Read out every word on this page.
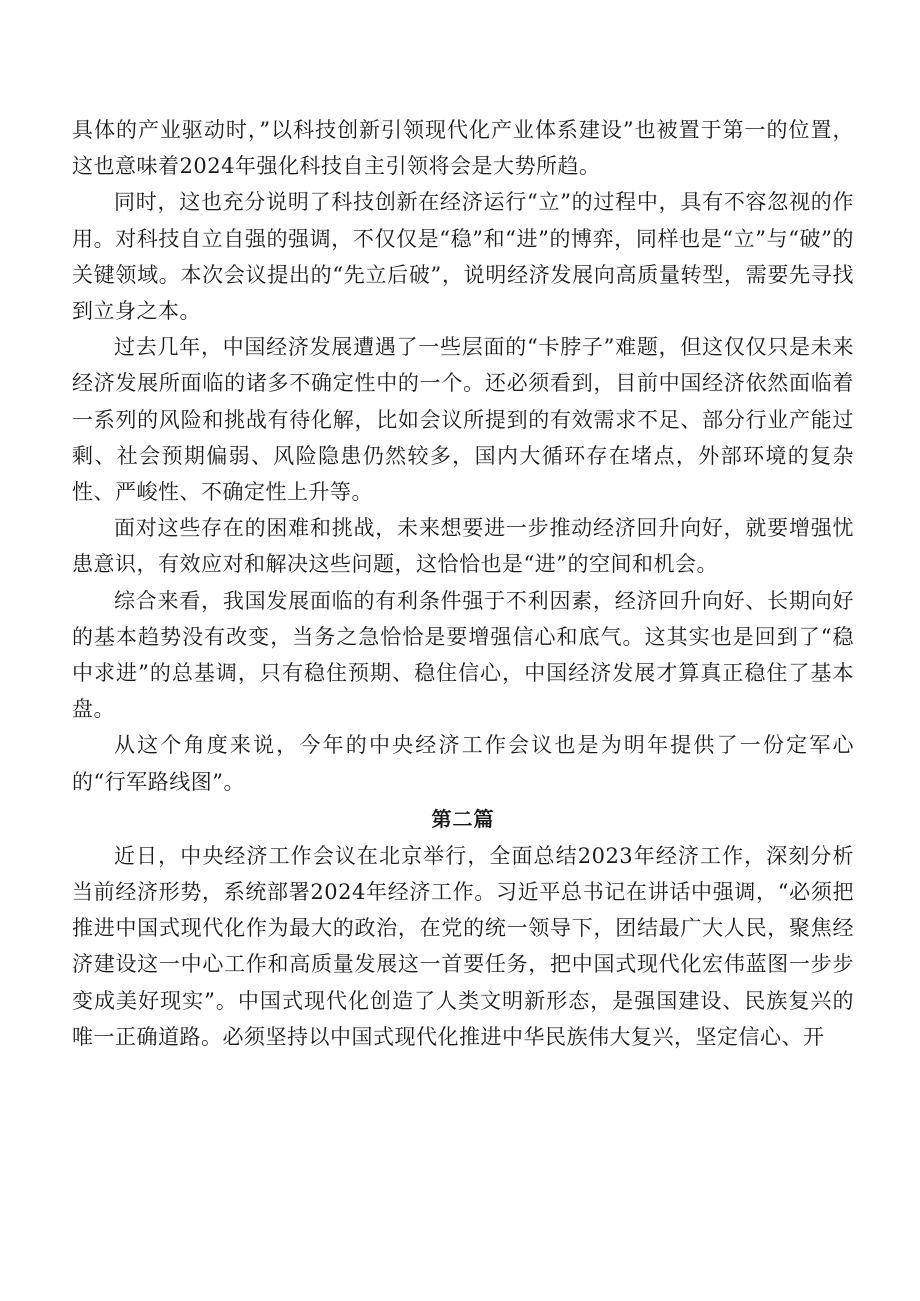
具体的产业驱动时，”以科技创新引领现代化产业体系建设”也被置于第一的位置，这也意味着2024年强化科技自主引领将会是大势所趋。

同时，这也充分说明了科技创新在经济运行“立”的过程中，具有不容忽视的作用。对科技自立自强的强调，不仅仅是“稳”和“进”的博弈，同样也是“立”与“破”的关键领域。本次会议提出的“先立后破”，说明经济发展向高质量转型，需要先寻找到立身之本。

过去几年，中国经济发展遭遇了一些层面的“卡脖子”难题，但这仅仅只是未来经济发展所面临的诸多不确定性中的一个。还必须看到，目前中国经济依然面临着一系列的风险和挑战有待化解，比如会议所提到的有效需求不足、部分行业产能过剩、社会预期偏弱、风险隐患仍然较多，国内大循环存在堵点，外部环境的复杂性、严峻性、不确定性上升等。

面对这些存在的困难和挑战，未来想要进一步推动经济回升向好，就要增强忧患意识，有效应对和解决这些问题，这恰恰也是“进”的空间和机会。

综合来看，我国发展面临的有利条件强于不利因素，经济回升向好、长期向好的基本趋势没有改变，当务之急恰恰是要增强信心和底气。这其实也是回到了“稳中求进”的总基调，只有稳住预期、稳住信心，中国经济发展才算真正稳住了基本盘。

从这个角度来说，今年的中央经济工作会议也是为明年提供了一份定军心的“行军路线图”。

第二篇

近日，中央经济工作会议在北京举行，全面总结2023年经济工作，深刻分析当前经济形势，系统部署2024年经济工作。习近平总书记在讲话中强调，“必须把推进中国式现代化作为最大的政治，在党的统一领导下，团结最广大人民，聚焦经济建设这一中心工作和高质量发展这一首要任务，把中国式现代化宏伟蓝图一步步变成美好现实”。中国式现代化创造了人类文明新形态，是强国建设、民族复兴的唯一正确道路。必须坚持以中国式现代化推进中华民族伟大复兴，坚定信心、开
